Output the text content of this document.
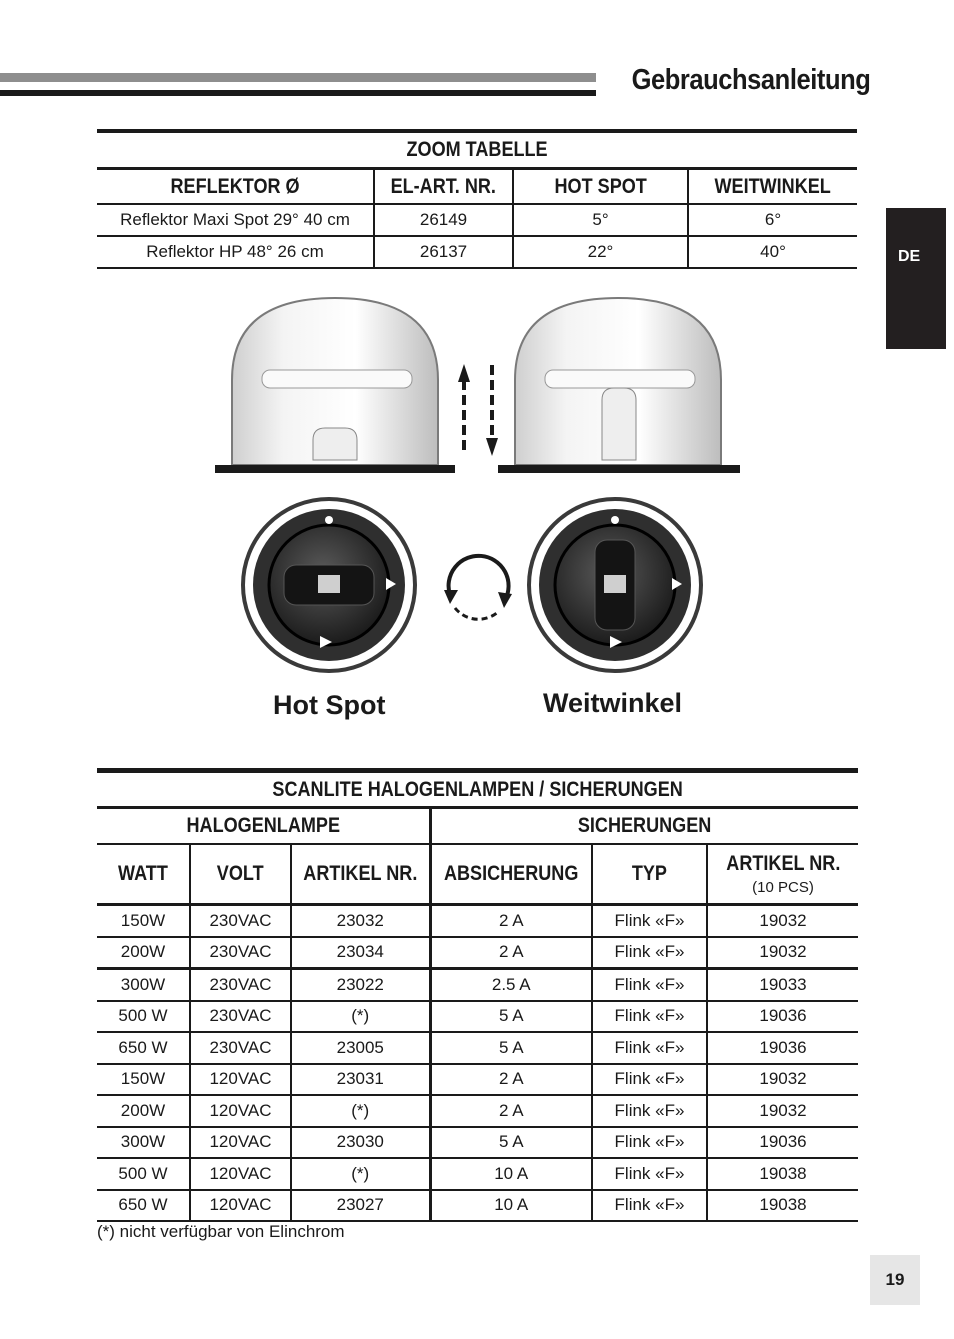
Gebrauchsanleitung
DE
ZOOM TABELLE			
REFLEKTOR Ø	EL-ART. NR.	HOT SPOT	WEITWINKEL
Reflektor Maxi Spot 29° 40 cm	26149	5°	6°
Reflektor HP 48° 26 cm	26137	22°	40°
Hot Spot	Weitwinkel
SCANLITE HALOGENLAMPEN / SICHERUNGEN					
HALOGENLAMPE			SICHERUNGEN		
WATT	VOLT	ARTIKEL NR.	ABSICHERUNG	TYP	ARTIKEL NR.
(10 PCS)

150W	230VAC	23032	2 A	Flink «F»	19032
200W	230VAC	23034	2 A	Flink «F»	19032
300W	230VAC	23022	2.5 A	Flink «F»	19033
500 W	230VAC	(*)	5 A	Flink «F»	19036
650 W	230VAC	23005	5 A	Flink «F»	19036
150W	120VAC	23031	2 A	Flink «F»	19032
200W	120VAC	(*)	2 A	Flink «F»	19032
300W	120VAC	23030	5 A	Flink «F»	19036
500 W	120VAC	(*)	10 A	Flink «F»	19038
650 W	120VAC	23027	10 A	Flink «F»	19038
(*) nicht verfügbar von Elinchrom
19
